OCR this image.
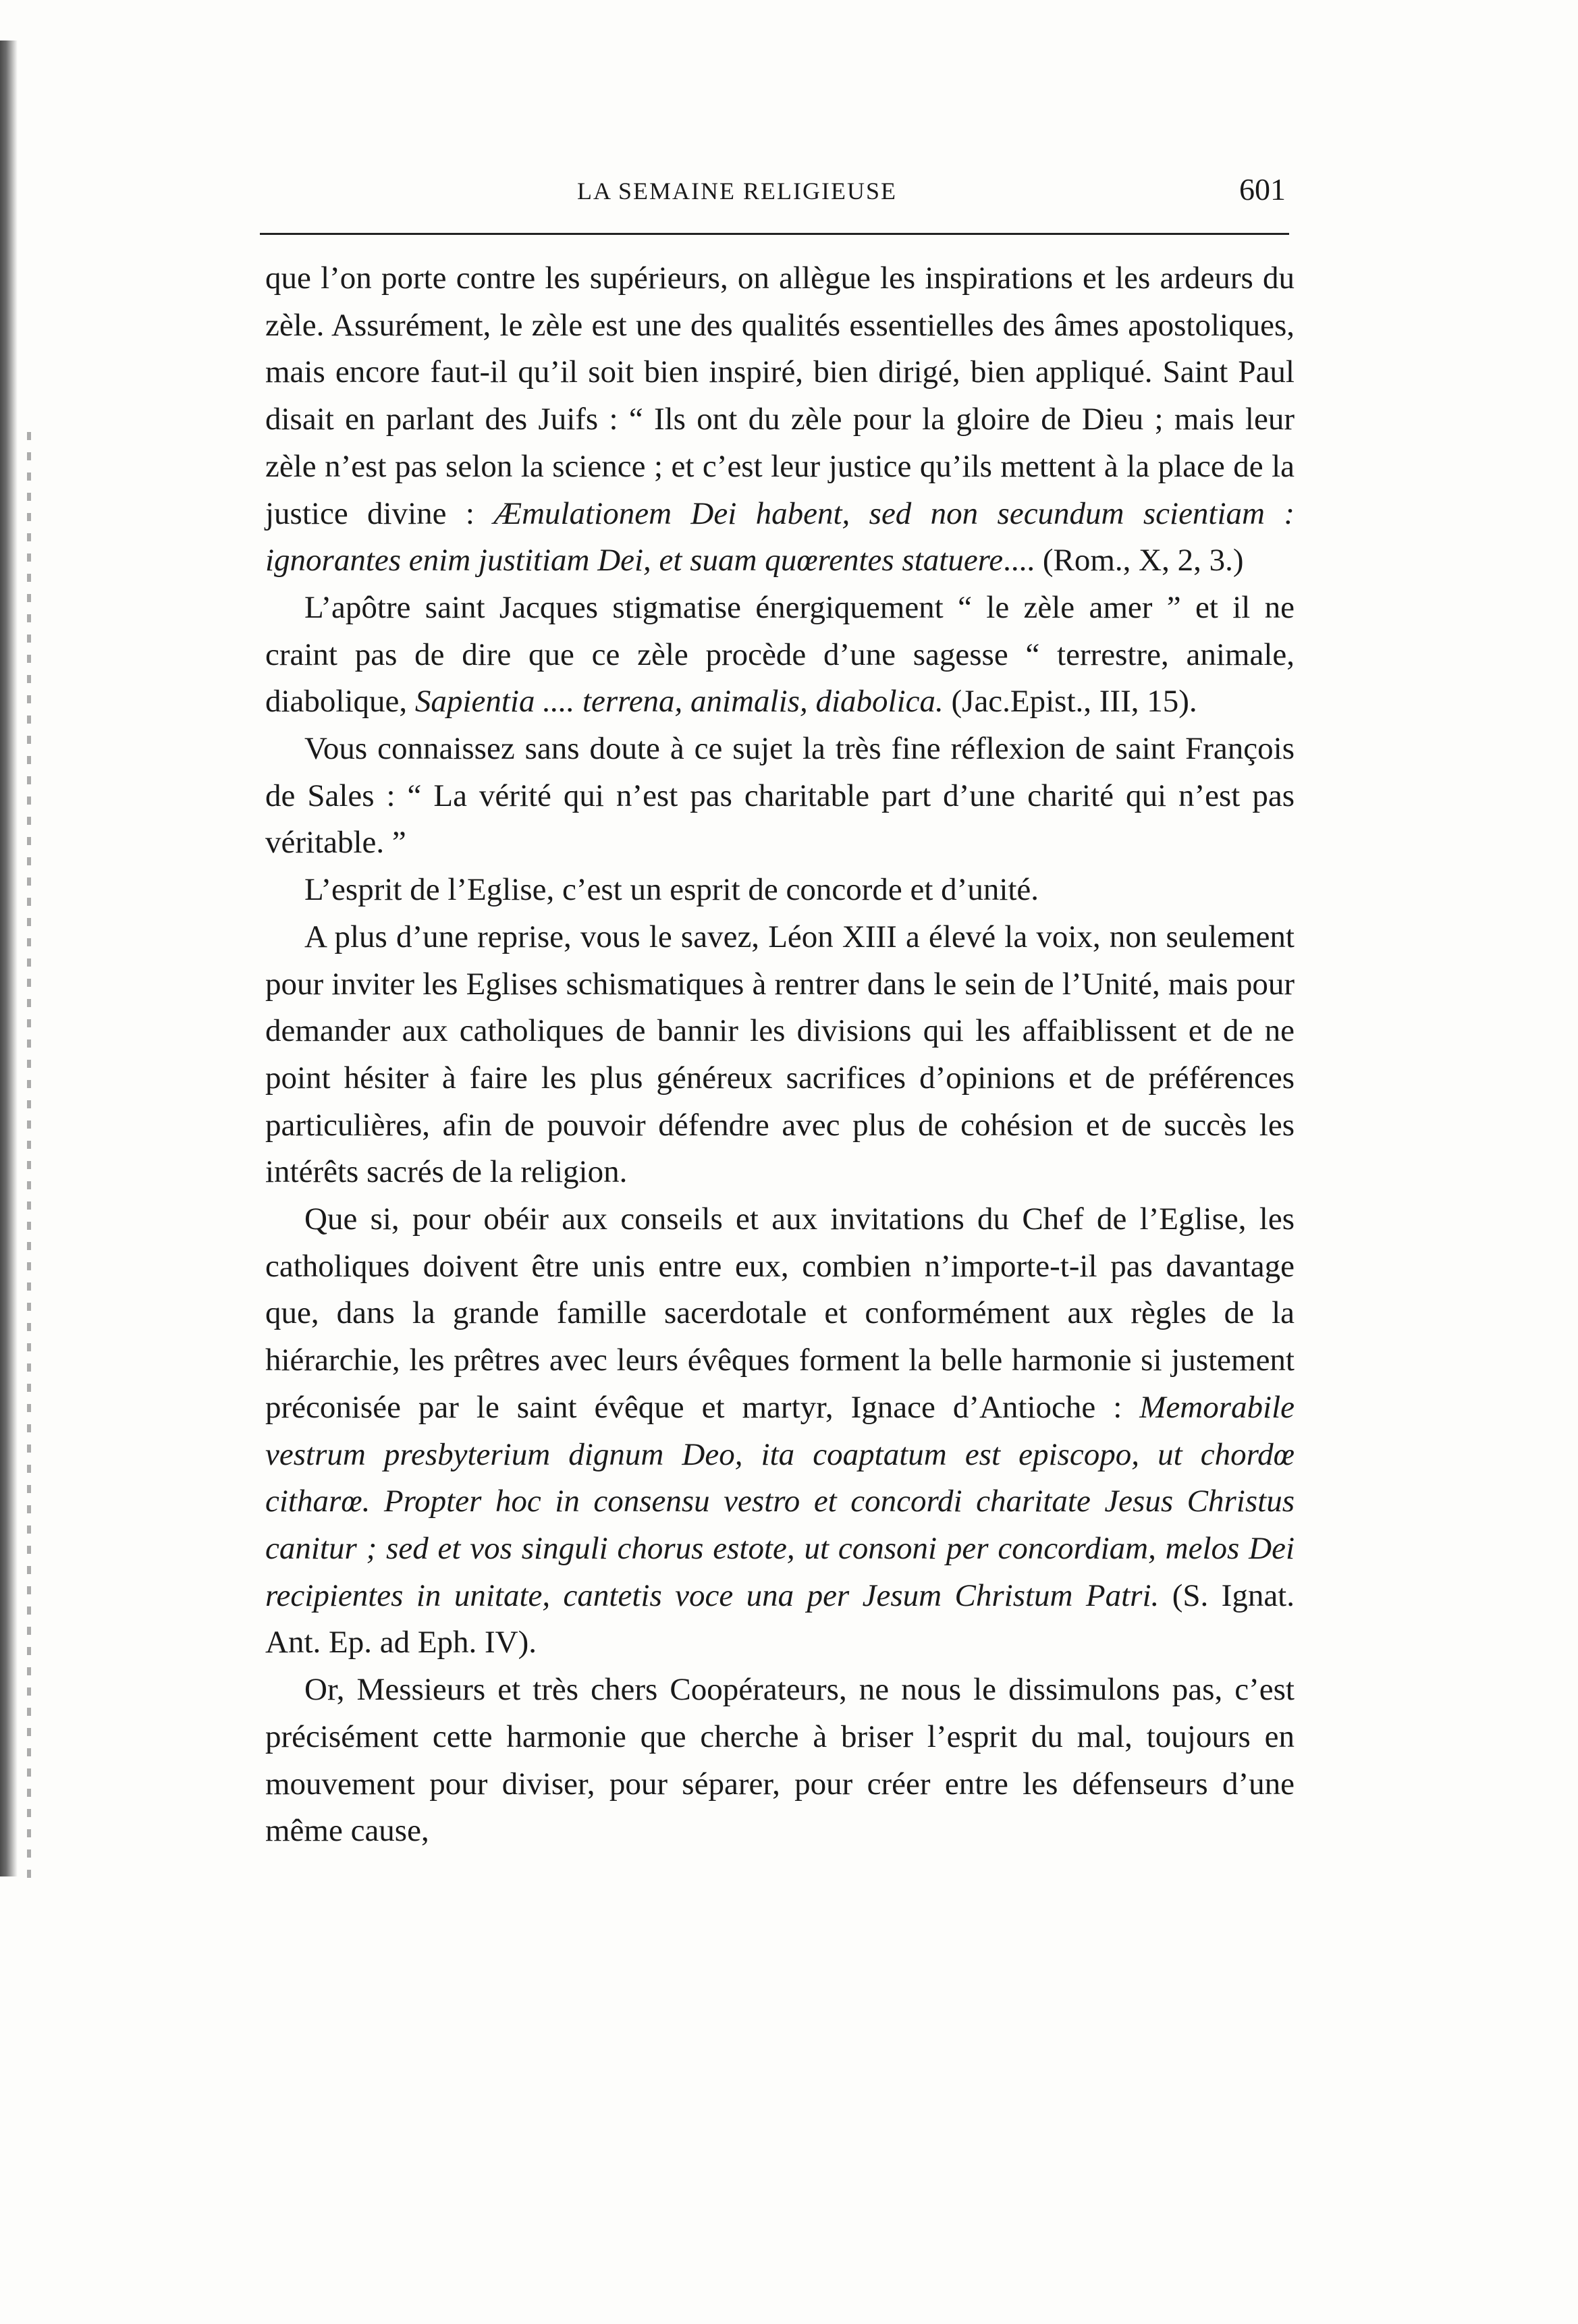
LA SEMAINE RELIGIEUSE	601

que l’on porte contre les supérieurs, on allègue les inspirations et les ardeurs du zèle. Assurément, le zèle est une des qualités essentielles des âmes apostoliques, mais encore faut-il qu’il soit bien inspiré, bien dirigé, bien appliqué. Saint Paul disait en parlant des Juifs : “ Ils ont du zèle pour la gloire de Dieu ; mais leur zèle n’est pas selon la science ; et c’est leur justice qu’ils mettent à la place de la justice divine : Æmulationem Dei habent, sed non secundum scientiam : ignorantes enim justitiam Dei, et suam quœrentes statuere.... (Rom., X, 2, 3.)

L’apôtre saint Jacques stigmatise énergiquement “ le zèle amer ” et il ne craint pas de dire que ce zèle procède d’une sagesse “ terrestre, animale, diabolique, Sapientia .... terrena, animalis, diabolica. (Jac.Epist., III, 15).

Vous connaissez sans doute à ce sujet la très fine réflexion de saint François de Sales : “ La vérité qui n’est pas charitable part d’une charité qui n’est pas véritable. ”

L’esprit de l’Eglise, c’est un esprit de concorde et d’unité.

A plus d’une reprise, vous le savez, Léon XIII a élevé la voix, non seulement pour inviter les Eglises schismatiques à rentrer dans le sein de l’Unité, mais pour demander aux catholiques de bannir les divisions qui les affaiblissent et de ne point hésiter à faire les plus généreux sacrifices d’opinions et de préférences particulières, afin de pouvoir défendre avec plus de cohésion et de succès les intérêts sacrés de la religion.

Que si, pour obéir aux conseils et aux invitations du Chef de l’Eglise, les catholiques doivent être unis entre eux, combien n’importe-t-il pas davantage que, dans la grande famille sacerdotale et conformément aux règles de la hiérarchie, les prêtres avec leurs évêques forment la belle harmonie si justement préconisée par le saint évêque et martyr, Ignace d’Antioche : Memorabile vestrum presbyterium dignum Deo, ita coaptatum est episcopo, ut chordœ citharœ. Propter hoc in consensu vestro et concordi charitate Jesus Christus canitur ; sed et vos singuli chorus estote, ut consoni per concordiam, melos Dei recipientes in unitate, cantetis voce una per Jesum Christum Patri. (S. Ignat. Ant. Ep. ad Eph. IV).

Or, Messieurs et très chers Coopérateurs, ne nous le dissimulons pas, c’est précisément cette harmonie que cherche à briser l’esprit du mal, toujours en mouvement pour diviser, pour séparer, pour créer entre les défenseurs d’une même cause,
